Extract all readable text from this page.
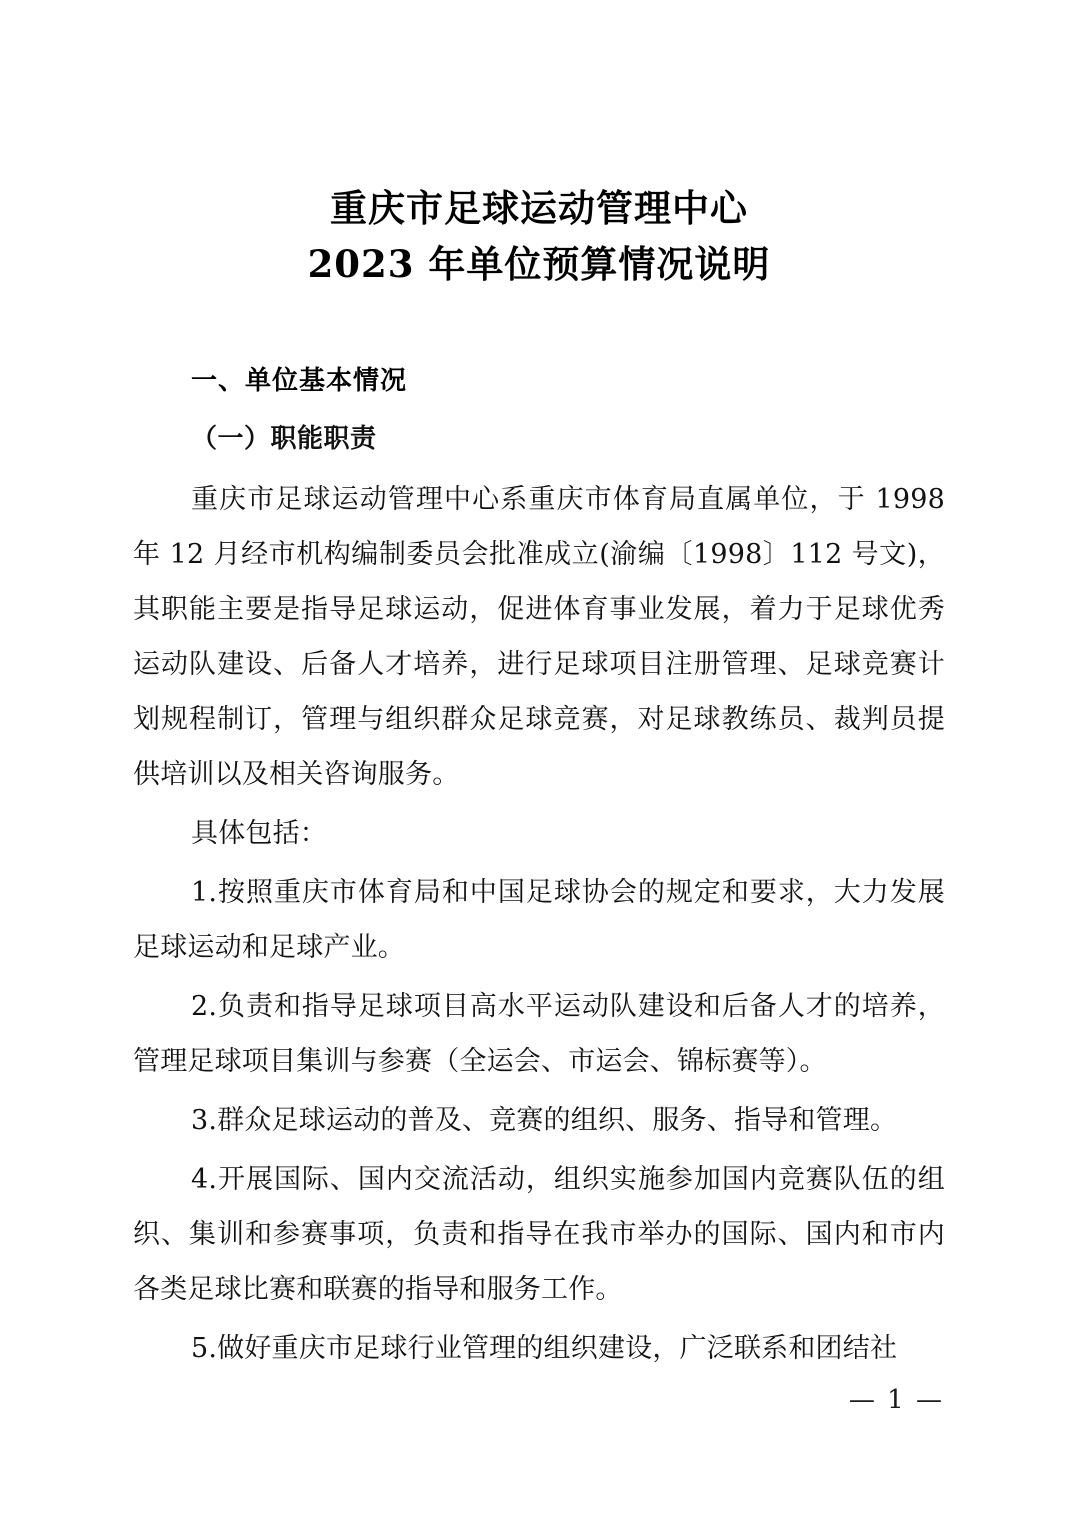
重庆市足球运动管理中心
2023 年单位预算情况说明
一、单位基本情况
（一）职能职责

重庆市足球运动管理中心系重庆市体育局直属单位，于 1998 年 12 月经市机构编制委员会批准成立(渝编〔1998〕112 号文)，其职能主要是指导足球运动，促进体育事业发展，着力于足球优秀运动队建设、后备人才培养，进行足球项目注册管理、足球竞赛计划规程制订，管理与组织群众足球竞赛，对足球教练员、裁判员提供培训以及相关咨询服务。

具体包括：

1.按照重庆市体育局和中国足球协会的规定和要求，大力发展足球运动和足球产业。

2.负责和指导足球项目高水平运动队建设和后备人才的培养，管理足球项目集训与参赛（全运会、市运会、锦标赛等）。

3.群众足球运动的普及、竞赛的组织、服务、指导和管理。

4.开展国际、国内交流活动，组织实施参加国内竞赛队伍的组织、集训和参赛事项，负责和指导在我市举办的国际、国内和市内各类足球比赛和联赛的指导和服务工作。

5.做好重庆市足球行业管理的组织建设，广泛联系和团结社

— 1 —
